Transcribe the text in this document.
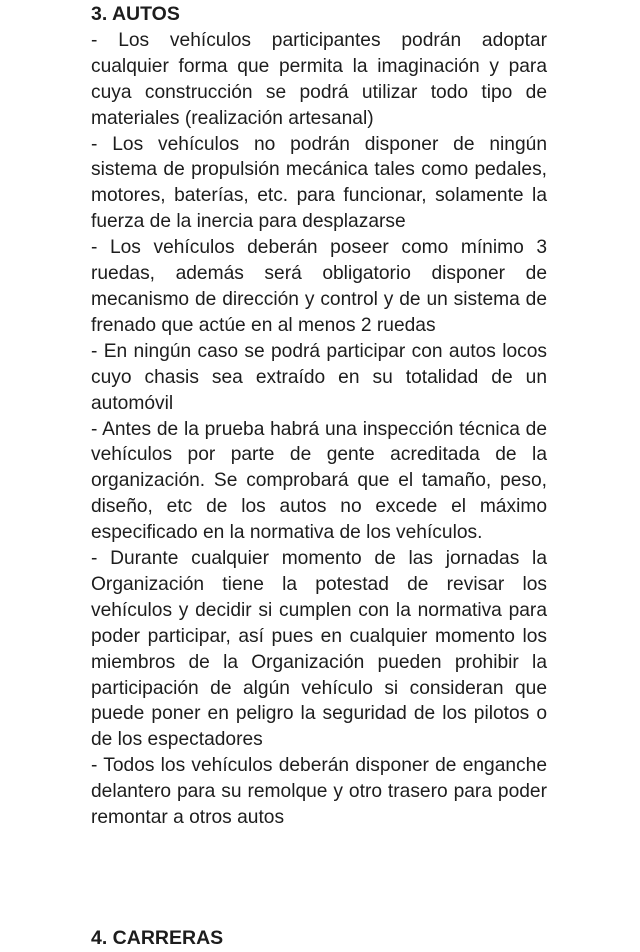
3. AUTOS

- Los vehículos participantes podrán adoptar cualquier forma que permita la imaginación y para cuya construcción se podrá utilizar todo tipo de materiales (realización artesanal)

- Los vehículos no podrán disponer de ningún sistema de propulsión mecánica tales como pedales, motores, baterías, etc. para funcionar, solamente la fuerza de la inercia para desplazarse

- Los vehículos deberán poseer como mínimo 3 ruedas, además será obligatorio disponer de mecanismo de dirección y control y de un sistema de frenado que actúe en al menos 2 ruedas

- En ningún caso se podrá participar con autos locos cuyo chasis sea extraído en su totalidad de un automóvil

- Antes de la prueba habrá una inspección técnica de vehículos por parte de gente acreditada de la organización. Se comprobará que el tamaño, peso, diseño, etc de los autos no excede el máximo especificado en la normativa de los vehículos.

- Durante cualquier momento de las jornadas la Organización tiene la potestad de revisar los vehículos y decidir si cumplen con la normativa para poder participar, así pues en cualquier momento los miembros de la Organización pueden prohibir la participación de algún vehículo si consideran que puede poner en peligro la seguridad de los pilotos o de los espectadores

- Todos los vehículos deberán disponer de enganche delantero para su remolque y otro trasero para poder remontar a otros autos

4. CARRERAS
